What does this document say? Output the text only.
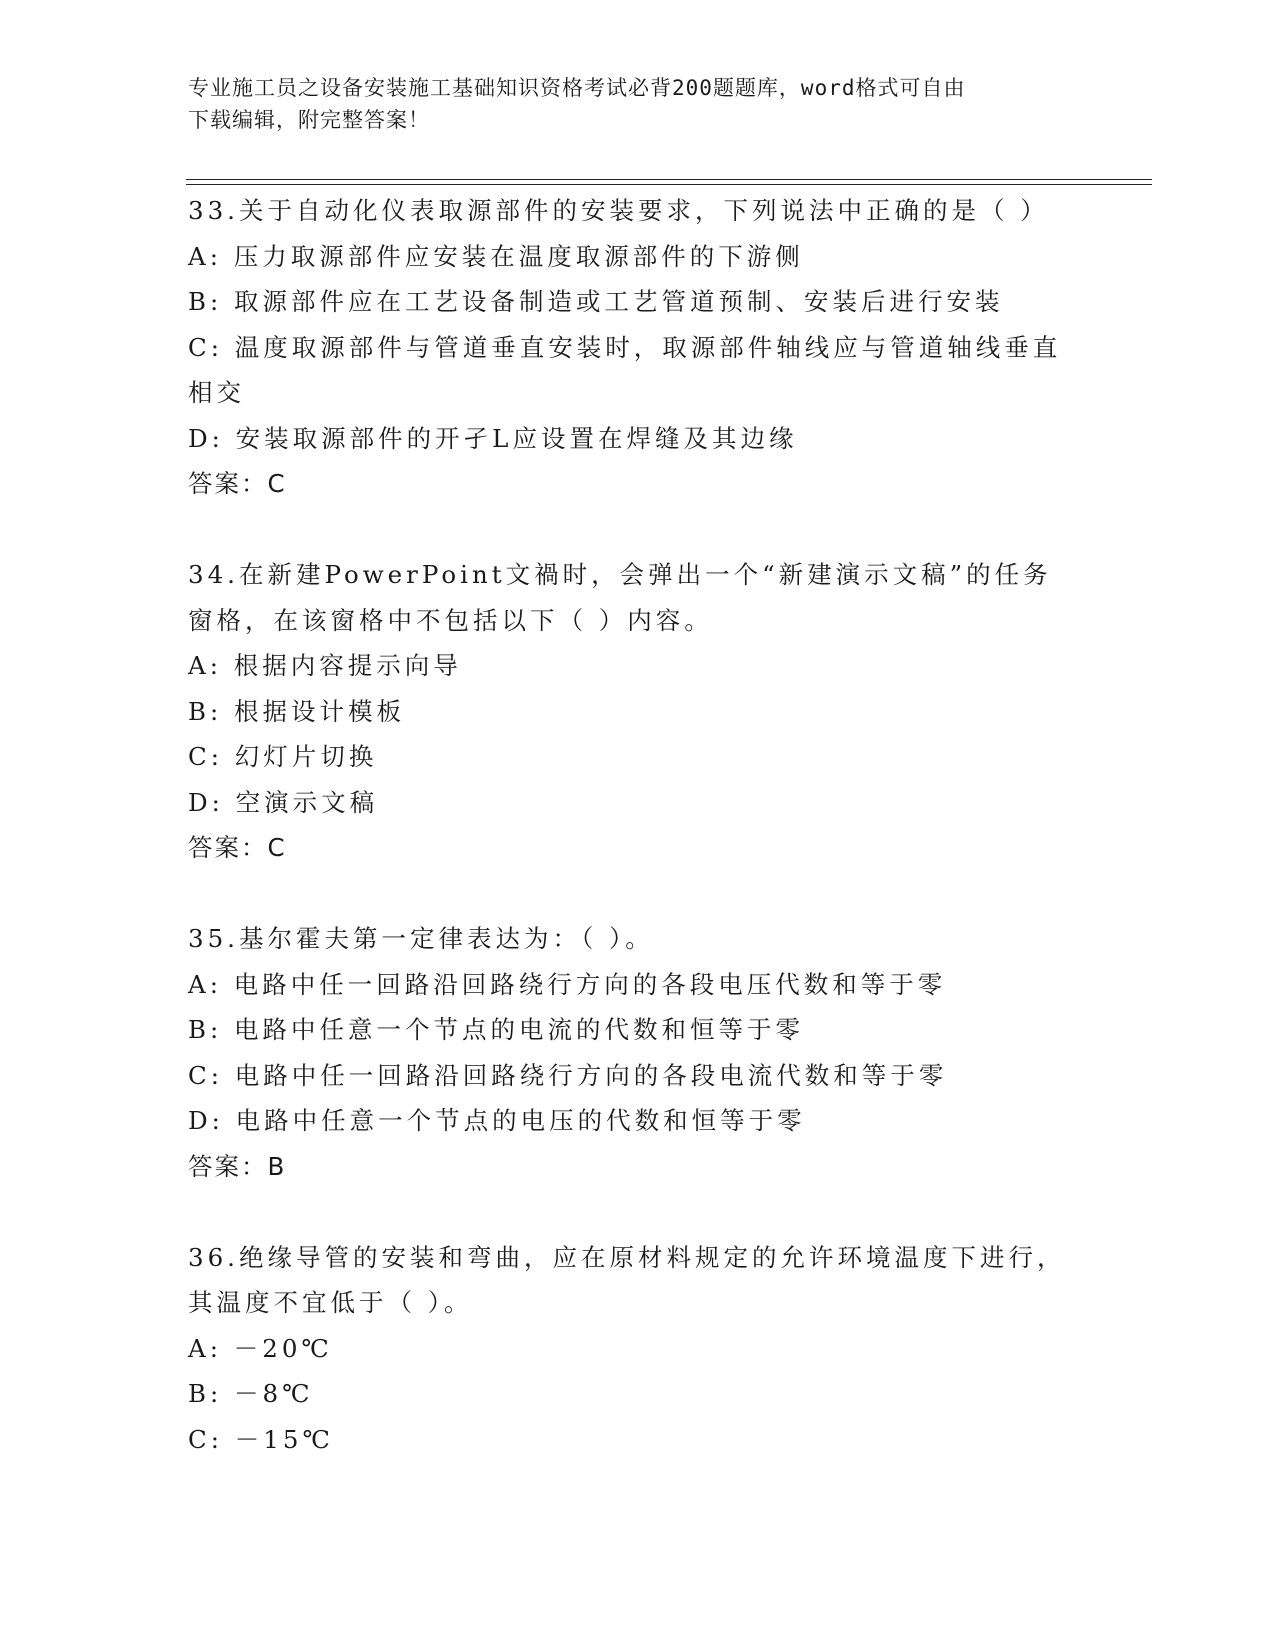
专业施工员之设备安装施工基础知识资格考试必背200题题库，word格式可自由
下载编辑，附完整答案！
33.关于自动化仪表取源部件的安装要求，下列说法中正确的是（ ）
A: 压力取源部件应安装在温度取源部件的下游侧
B: 取源部件应在工艺设备制造或工艺管道预制、安装后进行安装
C: 温度取源部件与管道垂直安装时，取源部件轴线应与管道轴线垂直
相交
D: 安装取源部件的开孑L应设置在焊缝及其边缘
答案：C
34.在新建PowerPoint文禍时，会弹出一个“新建演示文稿”的任务
窗格，在该窗格中不包括以下（ ）内容。
A: 根据内容提示向导
B: 根据设计模板
C: 幻灯片切换
D: 空演示文稿
答案：C
35.基尔霍夫第一定律表达为：（ ）。
A: 电路中任一回路沿回路绕行方向的各段电压代数和等于零
B: 电路中任意一个节点的电流的代数和恒等于零
C: 电路中任一回路沿回路绕行方向的各段电流代数和等于零
D: 电路中任意一个节点的电压的代数和恒等于零
答案：B
36.绝缘导管的安装和弯曲，应在原材料规定的允许环境温度下进行，
其温度不宜低于（ ）。
A: －20℃
B: －8℃
C: －15℃
